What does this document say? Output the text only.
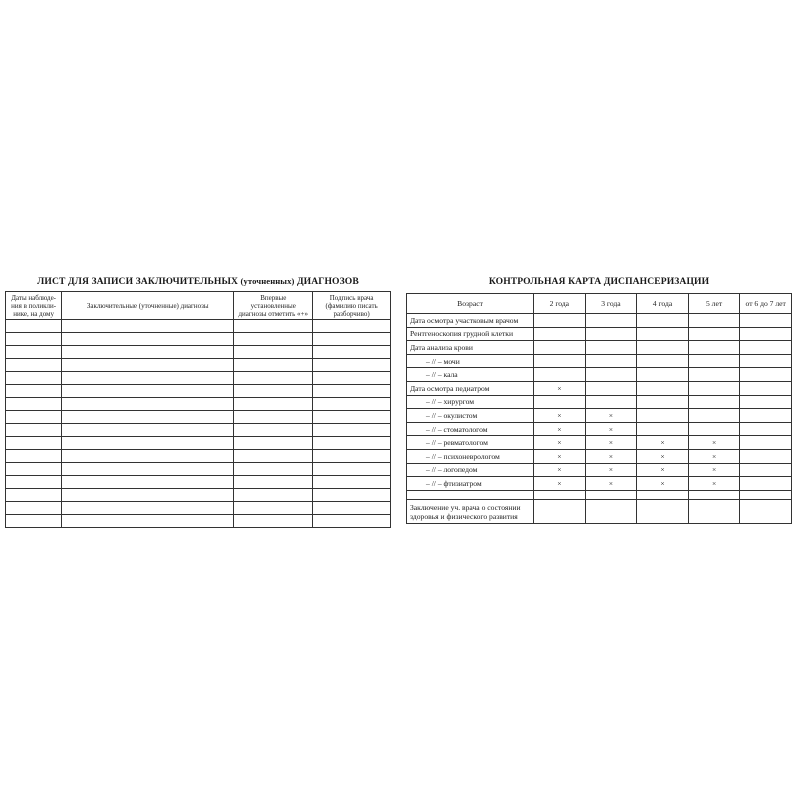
ЛИСТ ДЛЯ ЗАПИСИ ЗАКЛЮЧИТЕЛЬНЫХ (уточненных) ДИАГНОЗОВ
Даты наблюде-
ния в поликли-
нике, на дому	Заключительные (уточненные) диагнозы	Впервые
установленные
диагнозы отметить «+»	Подпись врача
(фамилию писать
разборчиво)

КОНТРОЛЬНАЯ КАРТА ДИСПАНСЕРИЗАЦИИ
Возраст	2 года	3 года	4 года	5 лет	от 6 до 7 лет
Дата осмотра участковым врачом					
Рентгеноскопия грудной клетки					
Дата анализа крови					
– // – мочи					
– // – кала					
Дата осмотра педиатром	×				
– // – хирургом					
– // – окулистом	×	×			
– // – стоматологом	×	×			
– // – ревматологом	×	×	×	×	
– // – психоневрологом	×	×	×	×	
– // – логопедом	×	×	×	×	
– // – фтизиатром	×	×	×	×	

Заключение уч. врача о состоянии здоровья и физического развития					
